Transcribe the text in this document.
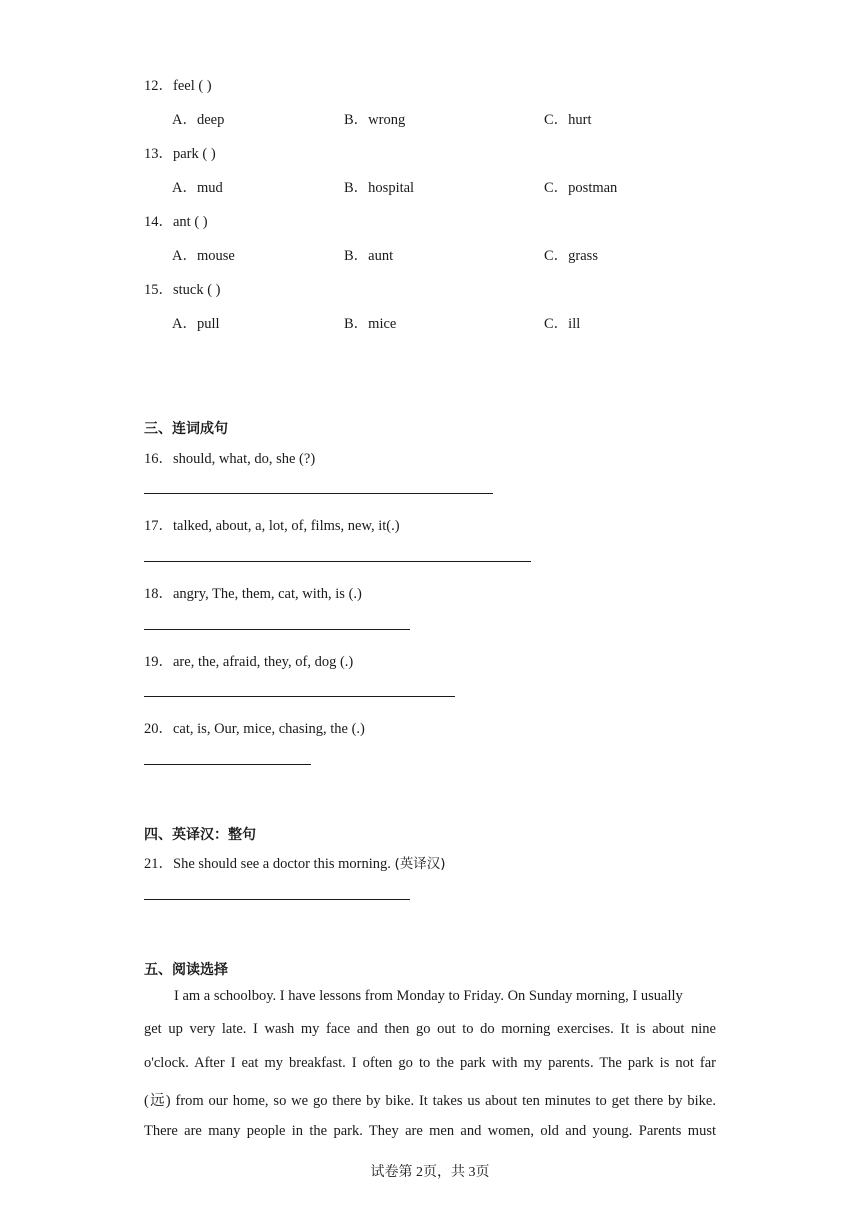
12．feel ( )
A．deep	B．wrong	C．hurt
13．park ( )
A．mud	B．hospital	C．postman
14．ant ( )
A．mouse	B．aunt	C．grass
15．stuck ( )
A．pull	B．mice	C．ill
三、连词成句
16．should, what, do, she (?)
17．talked, about, a, lot, of, films, new, it(.)
18．angry, The, them, cat, with, is (.)
19．are, the, afraid, they, of, dog (.)
20．cat, is, Our, mice, chasing, the (.)
四、英译汉：整句
21．She should see a doctor this morning. (英译汉)
五、阅读选择
I am a schoolboy. I have lessons from Monday to Friday. On Sunday morning, I usually
get up very late. I wash my face and then go out to do morning exercises. It is about nine
o'clock. After I eat my breakfast. I often go to the park with my parents. The park is not far
(远) from our home, so we go there by bike. It takes us about ten minutes to get there by bike.
There are many people in the park. They are men and women, old and young. Parents must
试卷第 2页，共 3页
